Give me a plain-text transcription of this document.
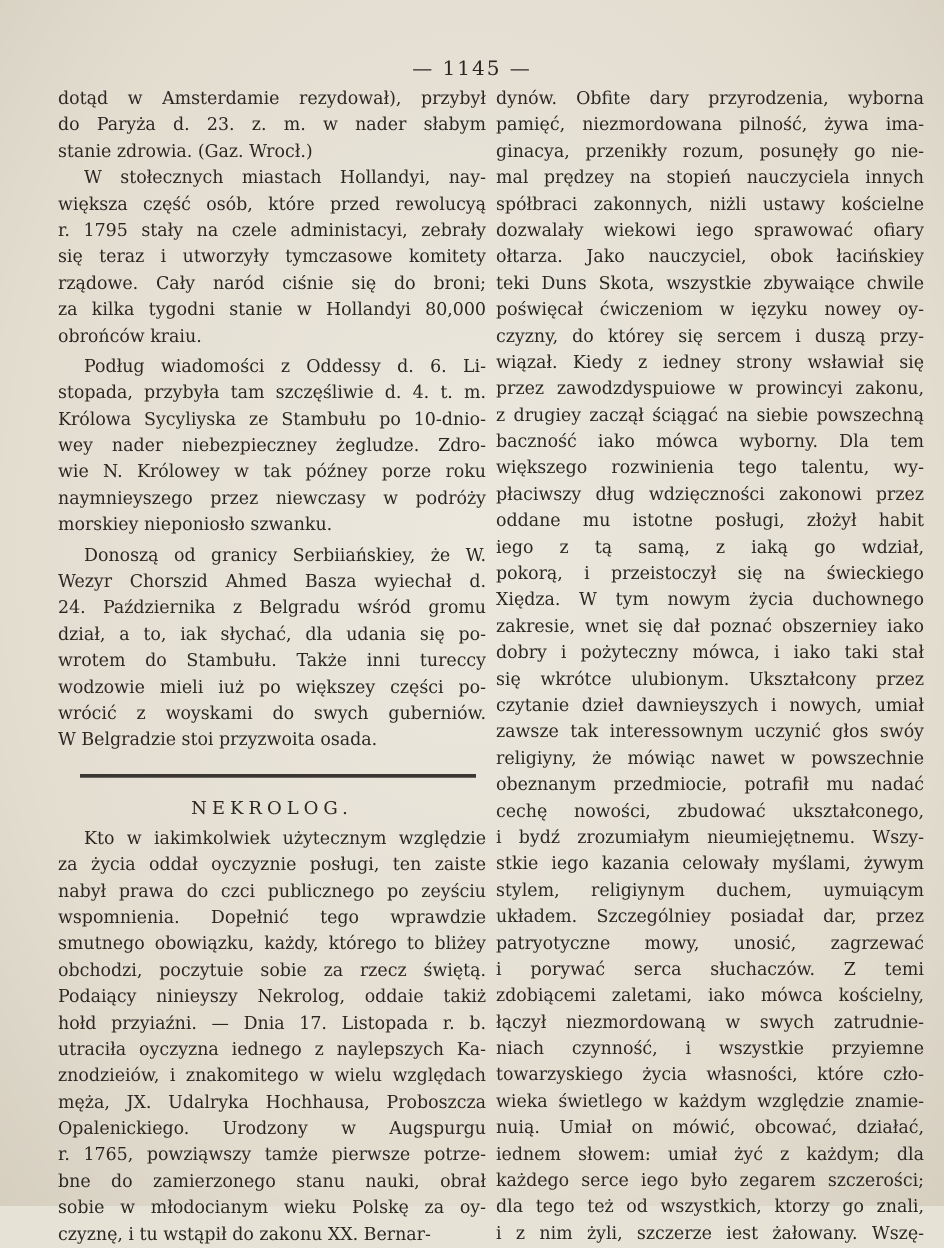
— 1145 —
dotąd w Amsterdamie rezydował), przybył
do Paryża d. 23. z. m. w nader słabym
stanie zdrowia. (Gaz. Wrocł.)
W stołecznych miastach Hollandyi, nay-
większa część osób, które przed rewolucyą
r. 1795 stały na czele administacyi, zebrały
się teraz i utworzyły tymczasowe komitety
rządowe. Cały naród ciśnie się do broni;
za kilka tygodni stanie w Hollandyi 80,000
obrońców kraiu.
Podług wiadomości z Oddessy d. 6. Li-
stopada, przybyła tam szczęśliwie d. 4. t. m.
Królowa Sycyliyska ze Stambułu po 10-dnio-
wey nader niebezpieczney żegludze. Zdro-
wie N. Królowey w tak późney porze roku
naymnieyszego przez niewczasy w podróży
morskiey nieponiosło szwanku.
Donoszą od granicy Serbiiańskiey, że W.
Wezyr Chorszid Ahmed Basza wyiechał d.
24. Października z Belgradu wśród gromu
dział, a to, iak słychać, dla udania się po-
wrotem do Stambułu. Także inni tureccy
wodzowie mieli iuż po większey części po-
wrócić z woyskami do swych guberniów.
W Belgradzie stoi przyzwoita osada.
NEKROLOG.
Kto w iakimkolwiek użytecznym względzie
za życia oddał oyczyznie posługi, ten zaiste
nabył prawa do czci publicznego po zeyściu
wspomnienia. Dopełnić tego wprawdzie
smutnego obowiązku, każdy, którego to bliżey
obchodzi, poczytuie sobie za rzecz świętą.
Podaiący ninieyszy Nekrolog, oddaie takiż
hołd przyiaźni. — Dnia 17. Listopada r. b.
utraciła oyczyzna iednego z naylepszych Ka-
znodzieiów, i znakomitego w wielu względach
męża, JX. Udalryka Hochhausa, Proboszcza
Opalenickiego. Urodzony w Augspurgu
r. 1765, powziąwszy tamże pierwsze potrze-
bne do zamierzonego stanu nauki, obrał
sobie w młodocianym wieku Polskę za oy-
czyznę, i tu wstąpił do zakonu XX. Bernar-
dynów. Obfite dary przyrodzenia, wyborna
pamięć, niezmordowana pilność, żywa ima-
ginacya, przenikły rozum, posunęły go nie-
mal prędzey na stopień nauczyciela innych
spółbraci zakonnych, niżli ustawy kościelne
dozwalały wiekowi iego sprawować ofiary
ołtarza. Jako nauczyciel, obok łacińskiey
teki Duns Skota, wszystkie zbywaiące chwile
poświęcał ćwiczeniom w ięzyku nowey oy-
czyzny, do którey się sercem i duszą przy-
wiązał. Kiedy z iedney strony wsławiał się
przez zawodzdyspuiowe w prowincyi zakonu,
z drugiey zaczął ściągać na siebie powszechną
baczność iako mówca wyborny. Dla tem
większego rozwinienia tego talentu, wy-
płaciwszy dług wdzięczności zakonowi przez
oddane mu istotne posługi, złożył habit
iego z tą samą, z iaką go wdział,
pokorą, i przeistoczył się na świeckiego
Xiędza. W tym nowym życia duchownego
zakresie, wnet się dał poznać obszerniey iako
dobry i pożyteczny mówca, i iako taki stał
się wkrótce ulubionym. Ukształcony przez
czytanie dzieł dawnieyszych i nowych, umiał
zawsze tak interessownym uczynić głos swóy
religiyny, że mówiąc nawet w powszechnie
obeznanym przedmiocie, potrafił mu nadać
cechę nowości, zbudować ukształconego,
i bydź zrozumiałym nieumiejętnemu. Wszy-
stkie iego kazania celowały myślami, żywym
stylem, religiynym duchem, uymuiącym
układem. Szczególniey posiadał dar, przez
patryotyczne mowy, unosić, zagrzewać
i porywać serca słuchaczów. Z temi
zdobiącemi zaletami, iako mówca kościelny,
łączył niezmordowaną w swych zatrudnie-
niach czynność, i wszystkie przyiemne
towarzyskiego życia własności, które czło-
wieka świetlego w każdym względzie znamie-
nuią. Umiał on mówić, obcować, działać,
iednem słowem: umiał żyć z każdym; dla
każdego serce iego było zegarem szczerości;
dla tego też od wszystkich, ktorzy go znali,
i z nim żyli, szczerze iest żałowany. Wszę-
